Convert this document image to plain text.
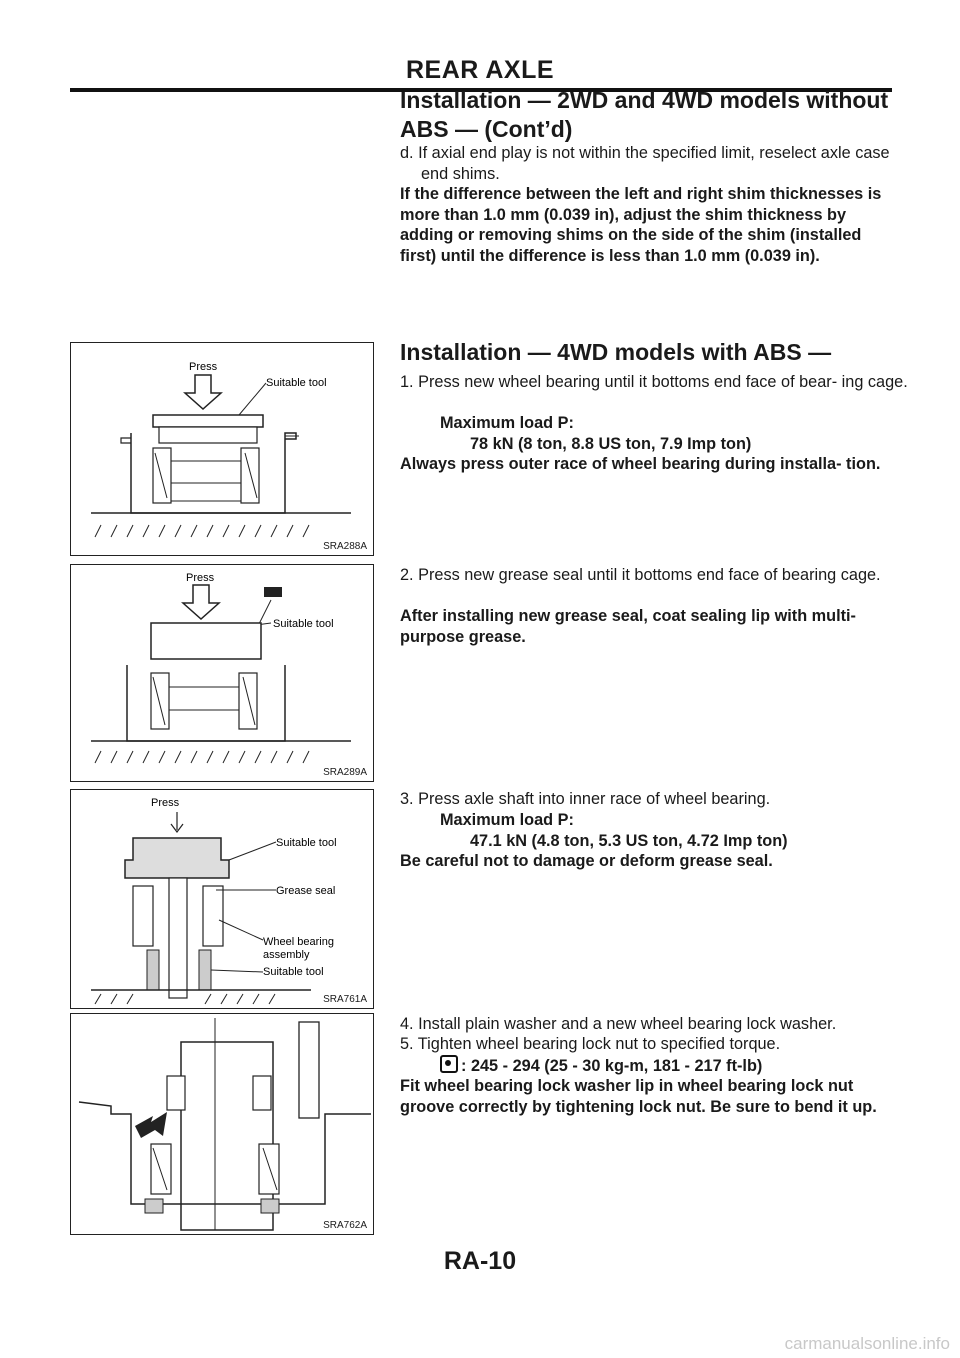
REAR AXLE
Installation — 2WD and 4WD models without
ABS — (Cont’d)
d. If axial end play is not within the specified limit, reselect axle case end shims.
If the difference between the left and right shim thicknesses is more than 1.0 mm (0.039 in), adjust the shim thickness by adding or removing shims on the side of the shim (installed first) until the difference is less than 1.0 mm (0.039 in).
Installation — 4WD models with ABS —
1. Press new wheel bearing until it bottoms end face of bear- ing cage.
Maximum load P:
78 kN (8 ton, 8.8 US ton, 7.9 Imp ton)
Always press outer race of wheel bearing during installa- tion.
2. Press new grease seal until it bottoms end face of bearing cage.
After installing new grease seal, coat sealing lip with multi- purpose grease.
3. Press axle shaft into inner race of wheel bearing.
Maximum load P:
47.1 kN (4.8 ton, 5.3 US ton, 4.72 Imp ton)
Be careful not to damage or deform grease seal.
4. Install plain washer and a new wheel bearing lock washer.
5. Tighten wheel bearing lock nut to specified torque.
: 245 - 294 (25 - 30 kg-m, 181 - 217 ft-lb)
Fit wheel bearing lock washer lip in wheel bearing lock nut groove correctly by tightening lock nut. Be sure to bend it up.
Press
Suitable tool
SRA288A
Press
Suitable tool
SRA289A
Press
Suitable tool
Grease seal
Wheel bearing
assembly
Suitable tool
SRA761A
SRA762A
RA-10
carmanualsonline.info
